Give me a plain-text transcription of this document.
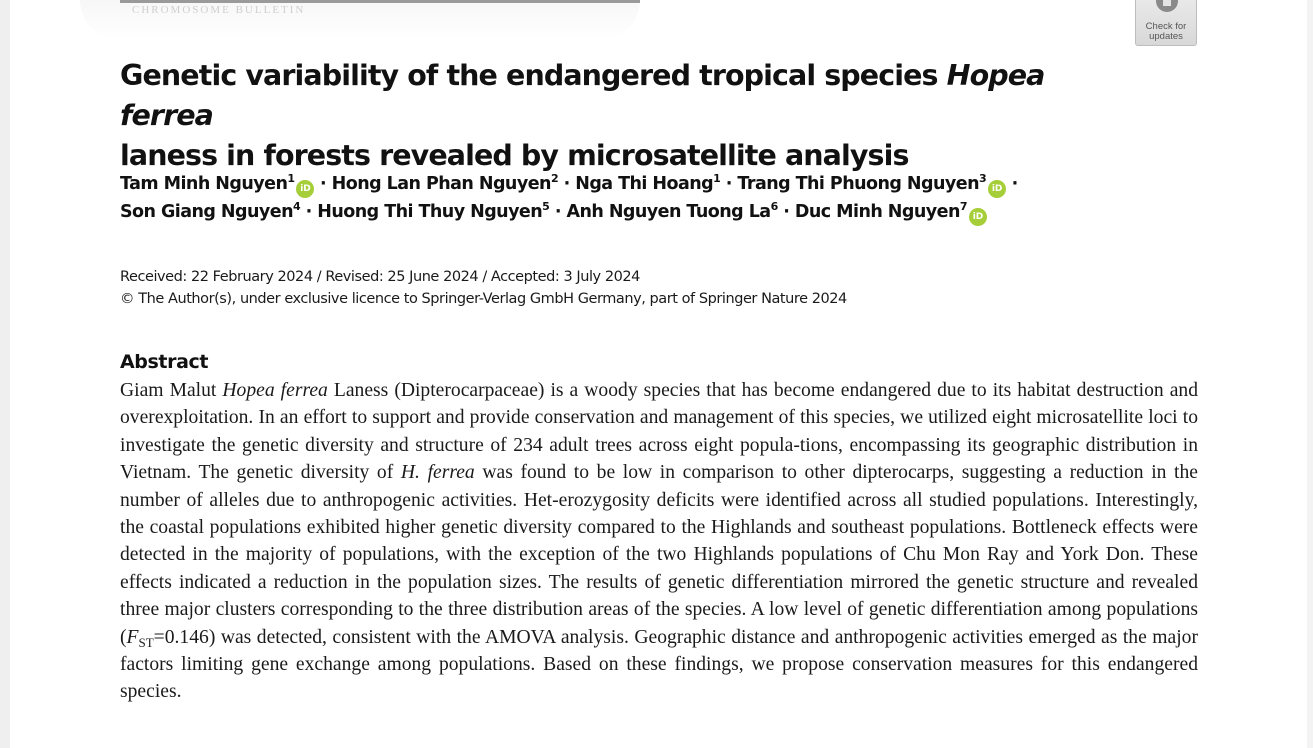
CHROMOSOME BULLETIN
Check for
updates
Genetic variability of the endangered tropical species Hopea ferrea
laness in forests revealed by microsatellite analysis
Tam Minh Nguyen$^1$iD · Hong Lan Phan Nguyen$^2$ · Nga Thi Hoang$^1$ · Trang Thi Phuong Nguyen$^3$iD ·
Son Giang Nguyen$^4$ · Huong Thi Thuy Nguyen$^5$ · Anh Nguyen Tuong $La^6$ · Duc Minh Nguyen$^7$iD
Received: 22 February 2024 / Revised: 25 June 2024 / Accepted: 3 July 2024
© The Author(s), under exclusive licence to Springer-Verlag GmbH Germany, part of Springer Nature 2024
Abstract

Giam Malut Hopea ferrea Laness (Dipterocarpaceae) is a woody species that has become endangered due to its habitat destruction and overexploitation. In an effort to support and provide conservation and management of this species, we utilized eight microsatellite loci to investigate the genetic diversity and structure of 234 adult trees across eight popula-tions, encompassing its geographic distribution in Vietnam. The genetic diversity of H. ferrea was found to be low in comparison to other dipterocarps, suggesting a reduction in the number of alleles due to anthropogenic activities. Het-erozygosity deficits were identified across all studied populations. Interestingly, the coastal populations exhibited higher genetic diversity compared to the Highlands and southeast populations. Bottleneck effects were detected in the majority of populations, with the exception of the two Highlands populations of Chu Mon Ray and York Don. These effects indicated a reduction in the population sizes. The results of genetic differentiation mirrored the genetic structure and revealed three major clusters corresponding to the three distribution areas of the species. A low level of genetic differentiation among populations $(F_{ST}=0.146)$ was detected, consistent with the AMOVA analysis. Geographic distance and anthropogenic activities emerged as the major factors limiting gene exchange among populations. Based on these findings, we propose conservation measures for this endangered species.
